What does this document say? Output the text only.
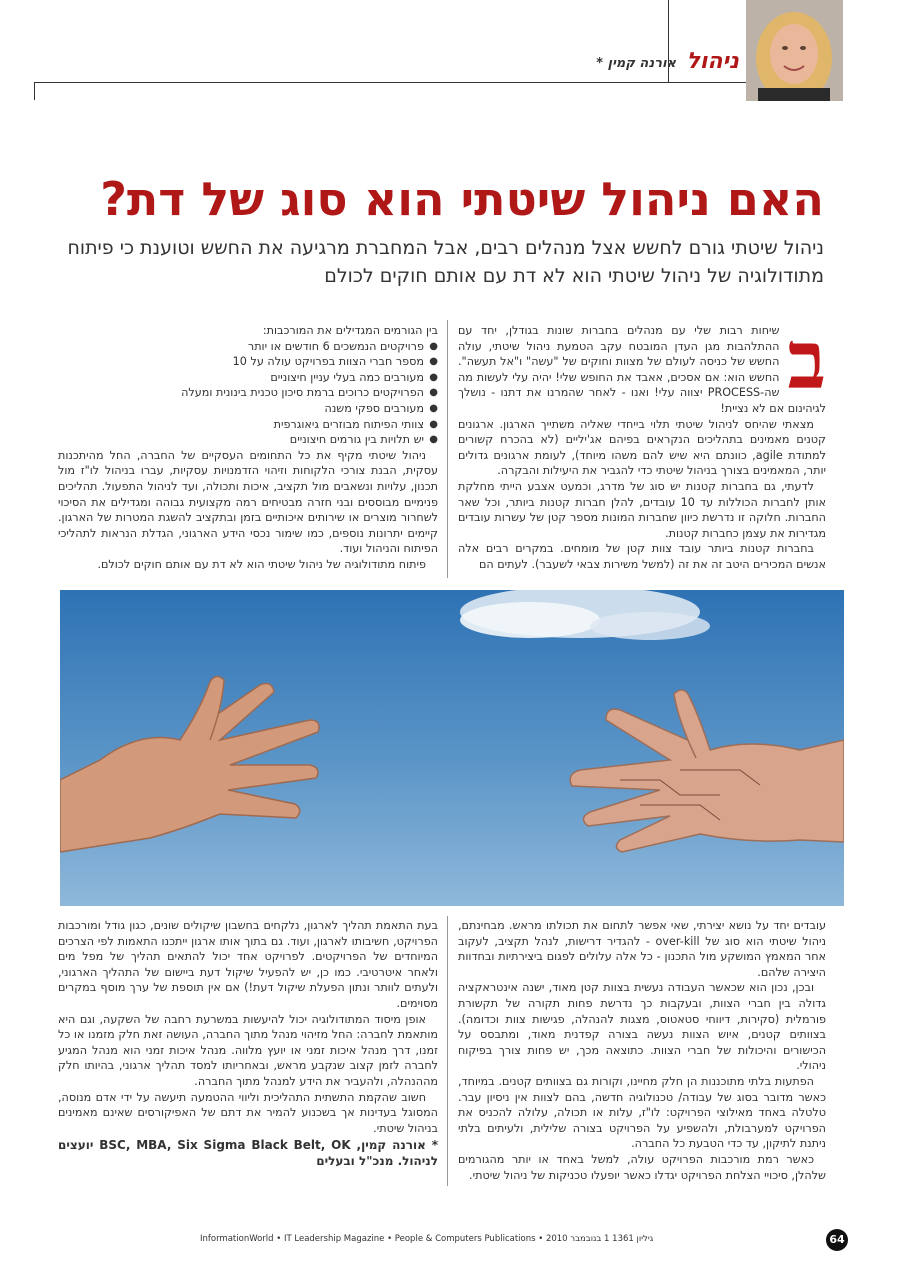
ניהול
אורנה קמין *
האם ניהול שיטתי הוא סוג של דת?
ניהול שיטתי גורם לחשש אצל מנהלים רבים, אבל המחברת מרגיעה את החשש וטוענת כי פיתוח מתודולוגיה של ניהול שיטתי הוא לא דת עם אותם חוקים לכולם
ב

שיחות רבות שלי עם מנהלים בחברות שונות בגודלן, יחד עם ההתלהבות מגן העדן המובטח עקב הטמעת ניהול שיטתי, עולה החשש של כניסה לעולם של מצוות וחוקים של "עשה" ו"אל תעשה". החשש הוא: אם אסכים, אאבד את החופש שלי! יהיה עלי לעשות מה שה-PROCESS יצווה עלי! ואנו - לאחר שהמרנו את דתנו - נושלך לגיהינום אם לא נציית!

מצאתי שהיחס לניהול שיטתי תלוי בייחדי שאליה משתייך הארגון. ארגונים קטנים מאמינים בתהליכים הנקראים בפיהם אג'יליים (לא בהכרח קשורים למתודת agile, כוונתם היא שיש להם משהו מיוחד), לעומת ארגונים גדולים יותר, המאמינים בצורך בניהול שיטתי כדי להגביר את היעילות והבקרה.

לדעתי, גם בחברות קטנות יש סוג של מדרג, וכמעט אצבע הייתי מחלקת אותן לחברות הכוללות עד 10 עובדים, להלן חברות קטנות ביותר, וכל שאר החברות. חלוקה זו נדרשת כיוון שחברות המונות מספר קטן של עשרות עובדים מגדירות את עצמן כחברות קטנות.

בחברות קטנות ביותר עובד צוות קטן של מומחים. במקרים רבים אלה אנשים המכירים היטב זה את זה (למשל משירות צבאי לשעבר). לעתים הם

בין הגורמים המגדילים את המורכבות:

● פרויקטים הנמשכים 6 חודשים או יותר
● מספר חברי הצוות בפרויקט עולה על 10
● מעורבים כמה בעלי עניין חיצוניים
● הפרויקטים כרוכים ברמת סיכון טכנית בינונית ומעלה
● מעורבים ספקי משנה
● צוותי הפיתוח מבוזרים גיאוגרפית
● יש תלויות בין גורמים חיצוניים

ניהול שיטתי מקיף את כל התחומים העסקיים של החברה, החל מהיתכנות עסקית, הבנת צורכי הלקוחות וזיהוי הזדמנויות עסקיות, עברו בניהול לו"ז מול תכנון, עלויות ונשאבים מול תקציב, איכות ותכולה, ועד לניהול התפעול. תהליכים פנימיים מבוססים ובני חזרה מבטיחים רמה מקצועית גבוהה ומגדילים את הסיכוי לשחרור מוצרים או שירותים איכותיים בזמן ובתקציב להשגת המטרות של הארגון. קיימים יתרונות נוספים, כמו שימור נכסי הידע הארגוני, הגדלת הנראות לתהליכי הפיתוח והניהול ועוד.

פיתוח מתודולוגיה של ניהול שיטתי הוא לא דת עם אותם חוקים לכולם.

עובדים יחד על נושא יצירתי, שאי אפשר לתחום את תכולתו מראש. מבחינתם, ניהול שיטתי הוא סוג של over-kill - להגדיר דרישות, לנהל תקציב, לעקוב אחר המאמץ המושקע מול התכנון - כל אלה עלולים לפגום ביצירתיות ובחדוות היצירה שלהם.

ובכן, נכון הוא שכאשר העבודה נעשית בצוות קטן מאוד, ישנה אינטראקציה גדולה בין חברי הצוות, ובעקבות כך נדרשת פחות תקורה של תקשורת פורמלית (סקירות, דיווחי סטאטוס, מצגות להנהלה, פגישות צוות וכדומה). בצוותים קטנים, איוש הצוות נעשה בצורה קפדנית מאוד, ומתבסס על הכישורים והיכולות של חברי הצוות. כתוצאה מכך, יש פחות צורך בפיקוח ניהולי.

הפתעות בלתי מתוכננות הן חלק מחיינו, וקורות גם בצוותים קטנים. במיוחד, כאשר מדובר בסוג של עבודה/ טכנולוגיה חדשה, בהם לצוות אין ניסיון עבר. טלטלה באחד מאילוצי הפרויקט: לו"ז, עלות או תכולה, עלולה להכניס את הפרויקט למערבולת, ולהשפיע על הפרויקט בצורה שלילית, ולעיתים בלתי ניתנת לתיקון, עד כדי הטבעת כל החברה.

כאשר רמת מורכבות הפרויקט עולה, למשל באחד או יותר מהגורמים שלהלן, סיכויי הצלחת הפרויקט יגדלו כאשר יופעלו טכניקות של ניהול שיטתי.

בעת התאמת תהליך לארגון, נלקחים בחשבון שיקולים שונים, כגון גודל ומורכבות הפרויקט, חשיבותו לארגון, ועוד. גם בתוך אותו ארגון ייתכנו התאמות לפי הצרכים המיוחדים של הפרויקטים. לפרויקט אחד יכול להתאים תהליך של מפל מים ולאחר איטרטיבי. כמו כן, יש להפעיל שיקול דעת ביישום של התהליך הארגוני, ולעתים לוותר ונתון הפעלת שיקול דעת!) אם אין תוספת של ערך מוסף במקרים מסוימים.

אופן מיסוד המתודולוגיה יכול להיעשות במשרעת רחבה של השקעה, וגם היא מותאמת לחברה: החל מזיהוי מנהל מתוך החברה, העושה זאת חלק מזמנו או כל זמנו, דרך מנהל איכות זמני או יועץ מלווה. מנהל איכות זמני הוא מנהל המגיע לחברה לזמן קצוב שנקבע מראש, ובאחריותו למסד תהליך ארגוני, בהיותו חלק מההנהלה, ולהעביר את הידע למנהל מתוך החברה.

חשוב שהקמת התשתית התהליכית וליווי ההטמעה תיעשה על ידי אדם מנוסה, המסוגל בעדינות אך בשכנוע להמיר את דתם של האפיקורסים שאינם מאמינים בניהול שיטתי.

* אורנה קמין, BSC, MBA, Six Sigma Black Belt, OK יועצים לניהול. מנכ"ל ובעלים

InformationWorld • IT Leadership Magazine • People & Computers Publications • 2010 גיליון 1361 1 בנובמבר	64
